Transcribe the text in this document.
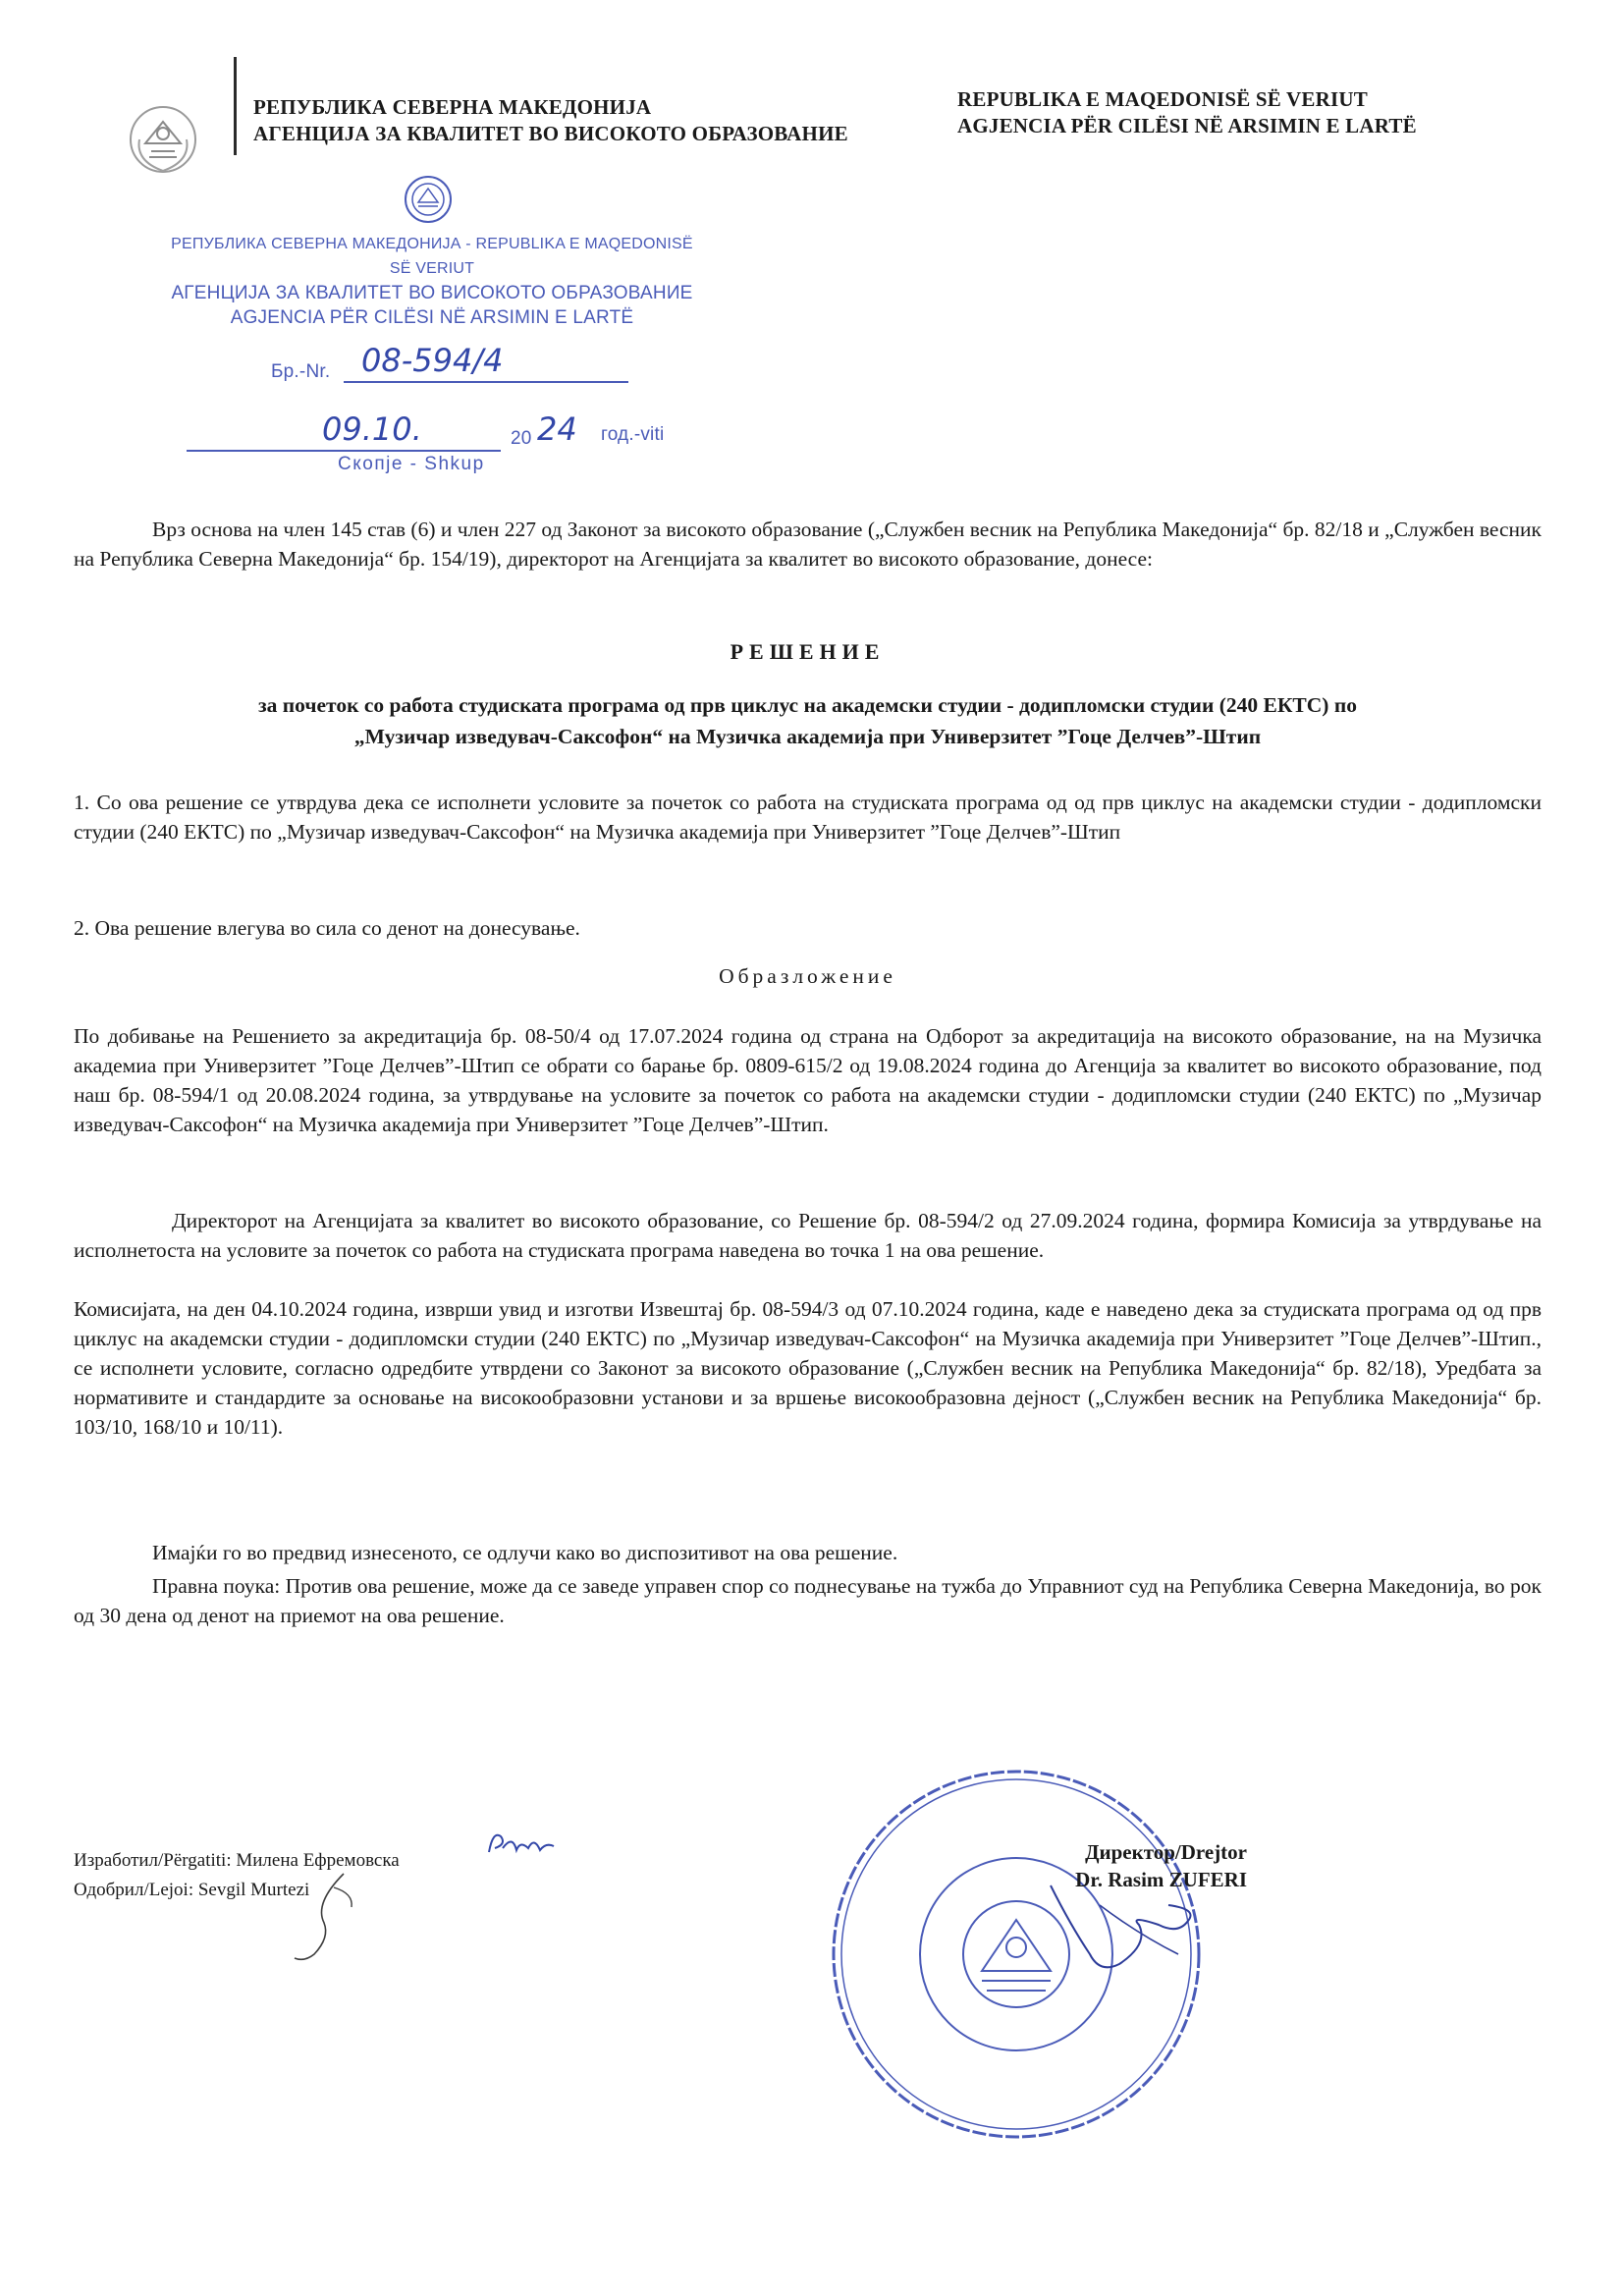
РЕПУБЛИКА СЕВЕРНА МАКЕДОНИЈА
АГЕНЦИЈА ЗА КВАЛИТЕТ ВО ВИСОКОТО ОБРАЗОВАНИЕ
REPUBLIKA E MAQEDONISË SË VERIUT
AGJENCIA PËR CILËSI NË ARSIMIN E LARTË
РЕПУБЛИКА СЕВЕРНА МАКЕДОНИЈА - REPUBLIKA E MAQEDONISË SË VERIUT
АГЕНЦИЈА ЗА КВАЛИТЕТ ВО ВИСОКОТО ОБРАЗОВАНИЕ
AGJENCIA PËR CILËSI NË ARSIMIN E LARTË
Бр.-Nr. 08-594/4
09.10.	20 24 год.-viti
Скопје - Shkup
Врз основа на член 145 став (6) и член 227 од Законот за високото образование („Службен весник на Република Македонија“ бр. 82/18 и „Службен весник на Република Северна Македонија“ бр. 154/19), директорот на Агенцијата за квалитет во високото образование, донесе:
РЕШЕНИЕ
за почеток со работа студиската програма од прв циклус на академски студии - додипломски студии (240 ЕКТС) по
„Музичар изведувач-Саксофон“ на Музичка академија при Универзитет ”Гоце Делчев”-Штип
1. Со ова решение се утврдува дека се исполнети условите за почеток со работа на студиската програма од од прв циклус на академски студии - додипломски студии (240 ЕКТС) по „Музичар изведувач-Саксофон“ на Музичка академија при Универзитет ”Гоце Делчев”-Штип
2. Ова решение влегува во сила со денот на донесување.
Образложение
По добивање на Решението за акредитација бр. 08-50/4 од 17.07.2024 година од страна на Одборот за акредитација на високото образование, на на Музичка академиа при Универзитет ”Гоце Делчев”-Штип се обрати со барање бр. 0809-615/2 од 19.08.2024 година до Агенција за квалитет во високото образование, под наш бр. 08-594/1 од 20.08.2024 година, за утврдување на условите за почеток со работа на академски студии - додипломски студии (240 ЕКТС) по „Музичар изведувач-Саксофон“ на Музичка академија при Универзитет ”Гоце Делчев”-Штип.
Директорот на Агенцијата за квалитет во високото образование, со Решение бр. 08-594/2 од 27.09.2024 година, формира Комисија за утврдување на исполнетоста на условите за почеток со работа на студиската програма наведена во точка 1 на ова решение.
Комисијата, на ден 04.10.2024 година, изврши увид и изготви Извештај бр. 08-594/3 од 07.10.2024 година, каде е наведено дека за студиската програма од од прв циклус на академски студии - додипломски студии (240 ЕКТС) по „Музичар изведувач-Саксофон“ на Музичка академија при Универзитет ”Гоце Делчев”-Штип., се исполнети условите, согласно одредбите утврдени со Законот за високото образование („Службен весник на Република Македонија“ бр. 82/18), Уредбата за нормативите и стандардите за основање на високообразовни установи и за вршење високообразовна дејност („Службен весник на Република Македонија“ бр. 103/10, 168/10 и 10/11).
Имајќи го во предвид изнесеното, се одлучи како во диспозитивот на ова решение.
Правна поука: Против ова решение, може да се заведе управен спор со поднесување на тужба до Управниот суд на Република Северна Македонија, во рок од 30 дена од денот на приемот на ова решение.
Изработил/Përgatiti: Милена Ефремовска
Одобрил/Lejoi: Sevgil Murtezi
Директор/Drejtor
Dr. Rasim ZUFERI
